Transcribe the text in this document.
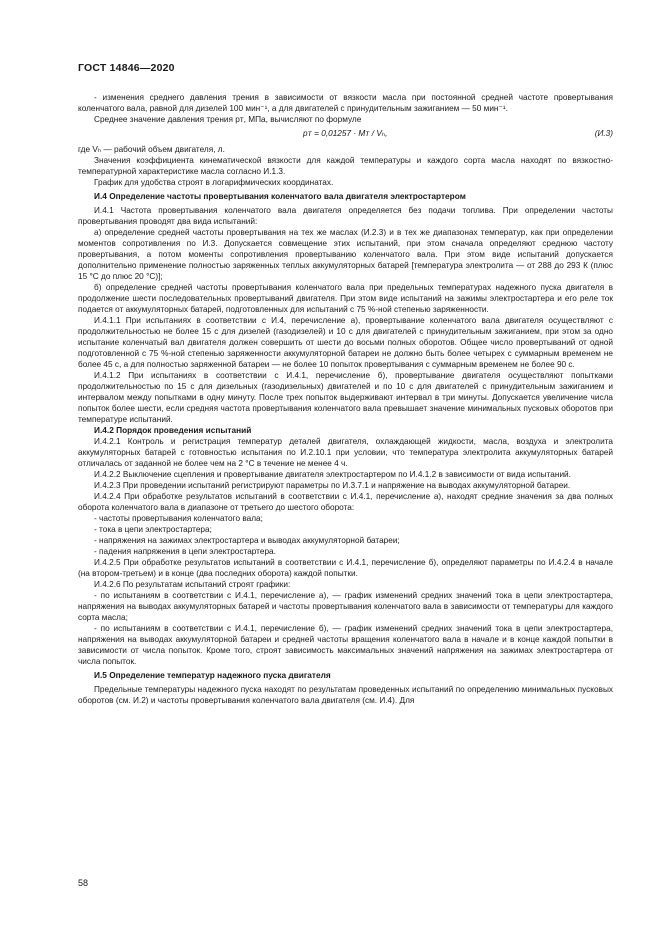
ГОСТ 14846—2020

- изменения среднего давления трения в зависимости от вязкости масла при постоянной средней частоте провертывания коленчатого вала, равной для дизелей 100 мин⁻¹, а для двигателей с принудительным зажиганием — 50 мин⁻¹.

Среднее значение давления трения pᴛ, МПа, вычисляют по формуле

pᴛ = 0,01257 · Mᴛ / Vₕ,	(И.3)

где Vₕ — рабочий объем двигателя, л.

Значения коэффициента кинематической вязкости для каждой температуры и каждого сорта масла находят по вязкостно-температурной характеристике масла согласно И.1.3.

График для удобства строят в логарифмических координатах.

И.4 Определение частоты провертывания коленчатого вала двигателя электростартером

И.4.1 Частота провертывания коленчатого вала двигателя определяется без подачи топлива. При определении частоты провертывания проводят два вида испытаний:

а) определение средней частоты провертывания на тех же маслах (И.2.3) и в тех же диапазонах температур, как при определении моментов сопротивления по И.3. Допускается совмещение этих испытаний, при этом сначала определяют среднюю частоту провертывания, а потом моменты сопротивления провертыванию коленчатого вала. При этом виде испытаний допускается дополнительно применение полностью заряженных теплых аккумуляторных батарей [температура электролита — от 288 до 293 К (плюс 15 °С до плюс 20 °С)];

б) определение средней частоты провертывания коленчатого вала при предельных температурах надежного пуска двигателя в продолжение шести последовательных провертываний двигателя. При этом виде испытаний на зажимы электростартера и его реле ток подается от аккумуляторных батарей, подготовленных для испытаний с 75 %-ной степенью заряженности.

И.4.1.1 При испытаниях в соответствии с И.4, перечисление а), провертывание коленчатого вала двигателя осуществляют с продолжительностью не более 15 с для дизелей (газодизелей) и 10 с для двигателей с принудительным зажиганием, при этом за одно испытание коленчатый вал двигателя должен совершить от шести до восьми полных оборотов. Общее число провертываний от одной подготовленной с 75 %-ной степенью заряженности аккумуляторной батареи не должно быть более четырех с суммарным временем не более 45 с, а для полностью заряженной батареи — не более 10 попыток провертывания с суммарным временем не более 90 с.

И.4.1.2 При испытаниях в соответствии с И.4.1, перечисление б), провертывание двигателя осуществляют попытками продолжительностью по 15 с для дизельных (газодизельных) двигателей и по 10 с для двигателей с принудительным зажиганием и интервалом между попытками в одну минуту. После трех попыток выдерживают интервал в три минуты. Допускается увеличение числа попыток более шести, если средняя частота провертывания коленчатого вала превышает значение минимальных пусковых оборотов при температуре испытаний.

И.4.2 Порядок проведения испытаний

И.4.2.1 Контроль и регистрация температур деталей двигателя, охлаждающей жидкости, масла, воздуха и электролита аккумуляторных батарей с готовностью испытания по И.2.10.1 при условии, что температура электролита аккумуляторных батарей отличалась от заданной не более чем на 2 °С в течение не менее 4 ч.

И.4.2.2 Выключение сцепления и провертывание двигателя электростартером по И.4.1.2 в зависимости от вида испытаний.

И.4.2.3 При проведении испытаний регистрируют параметры по И.3.7.1 и напряжение на выводах аккумуляторной батареи.

И.4.2.4 При обработке результатов испытаний в соответствии с И.4.1, перечисление а), находят средние значения за два полных оборота коленчатого вала в диапазоне от третьего до шестого оборота:

- частоты провертывания коленчатого вала;

- тока в цепи электростартера;

- напряжения на зажимах электростартера и выводах аккумуляторной батареи;

- падения напряжения в цепи электростартера.

И.4.2.5 При обработке результатов испытаний в соответствии с И.4.1, перечисление б), определяют параметры по И.4.2.4 в начале (на втором-третьем) и в конце (два последних оборота) каждой попытки.

И.4.2.6 По результатам испытаний строят графики:

- по испытаниям в соответствии с И.4.1, перечисление а), — график изменений средних значений тока в цепи электростартера, напряжения на выводах аккумуляторных батарей и частоты провертывания коленчатого вала в зависимости от температуры для каждого сорта масла;

- по испытаниям в соответствии с И.4.1, перечисление б), — график изменений средних значений тока в цепи электростартера, напряжения на выводах аккумуляторной батареи и средней частоты вращения коленчатого вала в начале и в конце каждой попытки в зависимости от числа попыток. Кроме того, строят зависимость максимальных значений напряжения на зажимах электростартера от числа попыток.

И.5 Определение температур надежного пуска двигателя

Предельные температуры надежного пуска находят по результатам проведенных испытаний по определению минимальных пусковых оборотов (см. И.2) и частоты провертывания коленчатого вала двигателя (см. И.4). Для

58
